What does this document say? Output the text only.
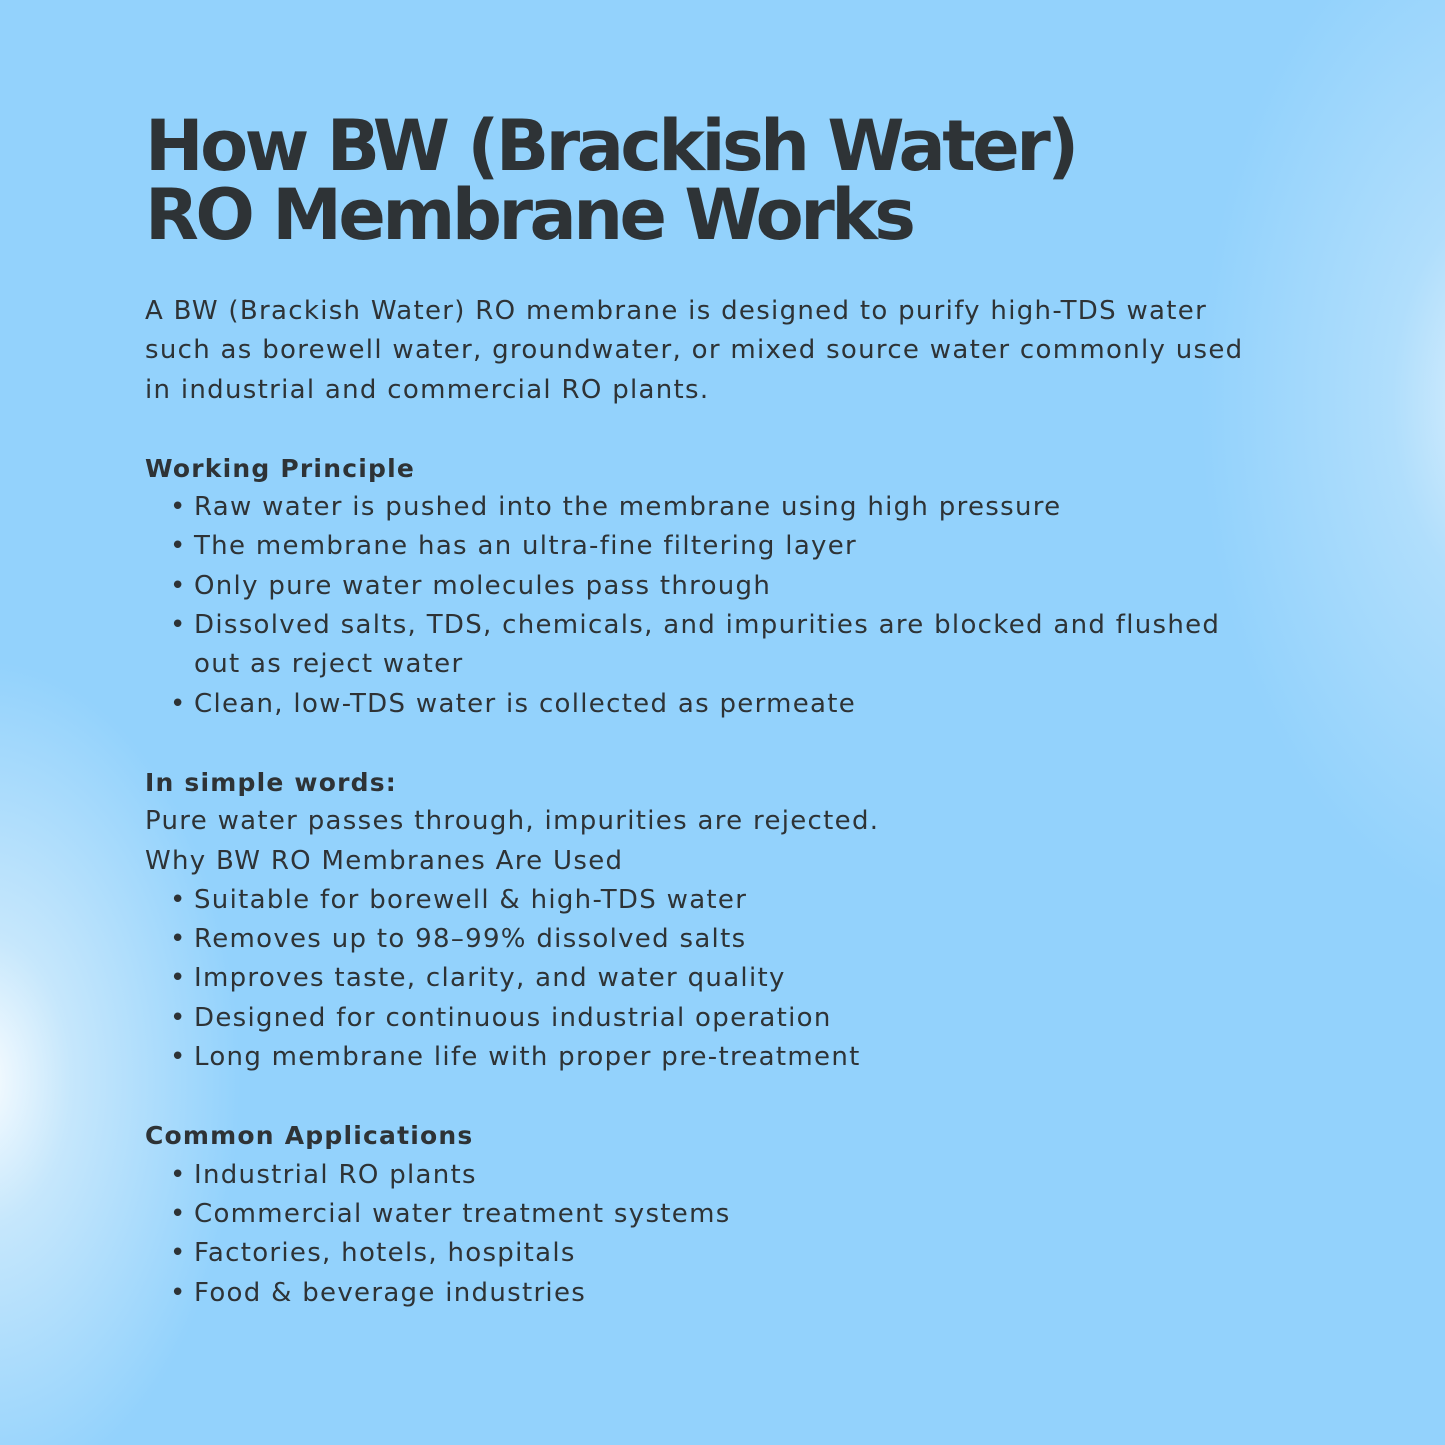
How BW (Brackish Water)
RO Membrane Works

A BW (Brackish Water) RO membrane is designed to purify high-TDS water such as borewell water, groundwater, or mixed source water commonly used in industrial and commercial RO plants.

Working Principle
• Raw water is pushed into the membrane using high pressure
• The membrane has an ultra-fine filtering layer
• Only pure water molecules pass through
• Dissolved salts, TDS, chemicals, and impurities are blocked and flushed out as reject water
• Clean, low-TDS water is collected as permeate
In simple words:
Pure water passes through, impurities are rejected.
Why BW RO Membranes Are Used
• Suitable for borewell & high-TDS water
• Removes up to 98–99% dissolved salts
• Improves taste, clarity, and water quality
• Designed for continuous industrial operation
• Long membrane life with proper pre-treatment
Common Applications
• Industrial RO plants
• Commercial water treatment systems
• Factories, hotels, hospitals
• Food & beverage industries
